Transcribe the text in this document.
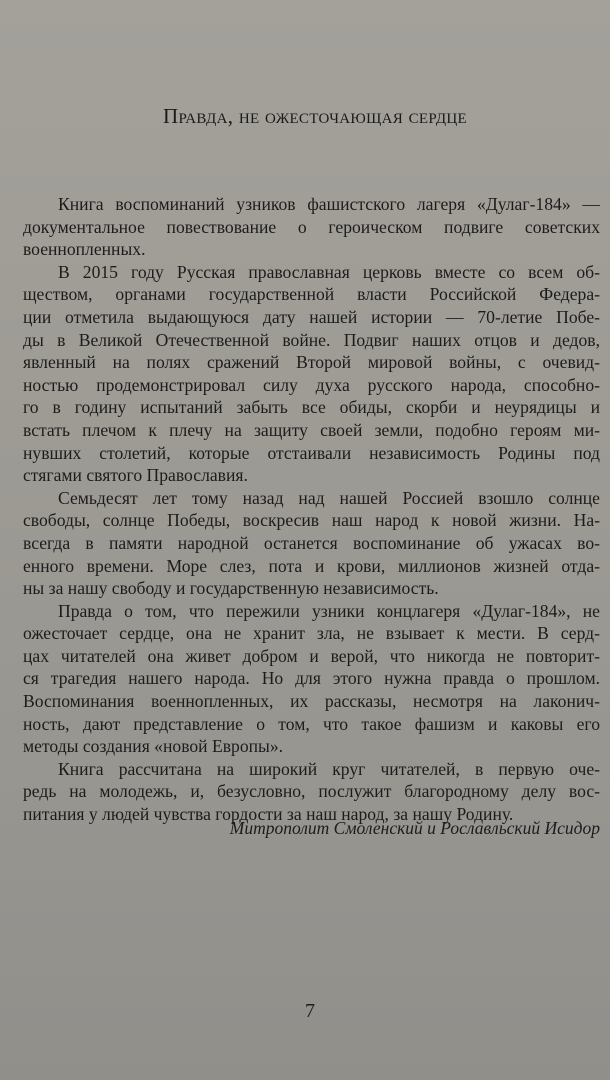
Правда, не ожесточающая сердце

Книга воспоминаний узников фашистского лагеря «Дулаг-184» —
документальное повествование о героическом подвиге советских
военнопленных.

В 2015 году Русская православная церковь вместе со всем об-
ществом, органами государственной власти Российской Федера-
ции отметила выдающуюся дату нашей истории — 70-летие Побе-
ды в Великой Отечественной войне. Подвиг наших отцов и дедов,
явленный на полях сражений Второй мировой войны, с очевид-
ностью продемонстрировал силу духа русского народа, способно-
го в годину испытаний забыть все обиды, скорби и неурядицы и
встать плечом к плечу на защиту своей земли, подобно героям ми-
нувших столетий, которые отстаивали независимость Родины под
стягами святого Православия.

Семьдесят лет тому назад над нашей Россией взошло солнце
свободы, солнце Победы, воскресив наш народ к новой жизни. На-
всегда в памяти народной останется воспоминание об ужасах во-
енного времени. Море слез, пота и крови, миллионов жизней отда-
ны за нашу свободу и государственную независимость.

Правда о том, что пережили узники концлагеря «Дулаг-184», не
ожесточает сердце, она не хранит зла, не взывает к мести. В серд-
цах читателей она живет добром и верой, что никогда не повторит-
ся трагедия нашего народа. Но для этого нужна правда о прошлом.
Воспоминания военнопленных, их рассказы, несмотря на лаконич-
ность, дают представление о том, что такое фашизм и каковы его
методы создания «новой Европы».

Книга рассчитана на широкий круг читателей, в первую оче-
редь на молодежь, и, безусловно, послужит благородному делу вос-
питания у людей чувства гордости за наш народ, за нашу Родину.

Митрополит Смоленский и Рославльский Исидор
7
